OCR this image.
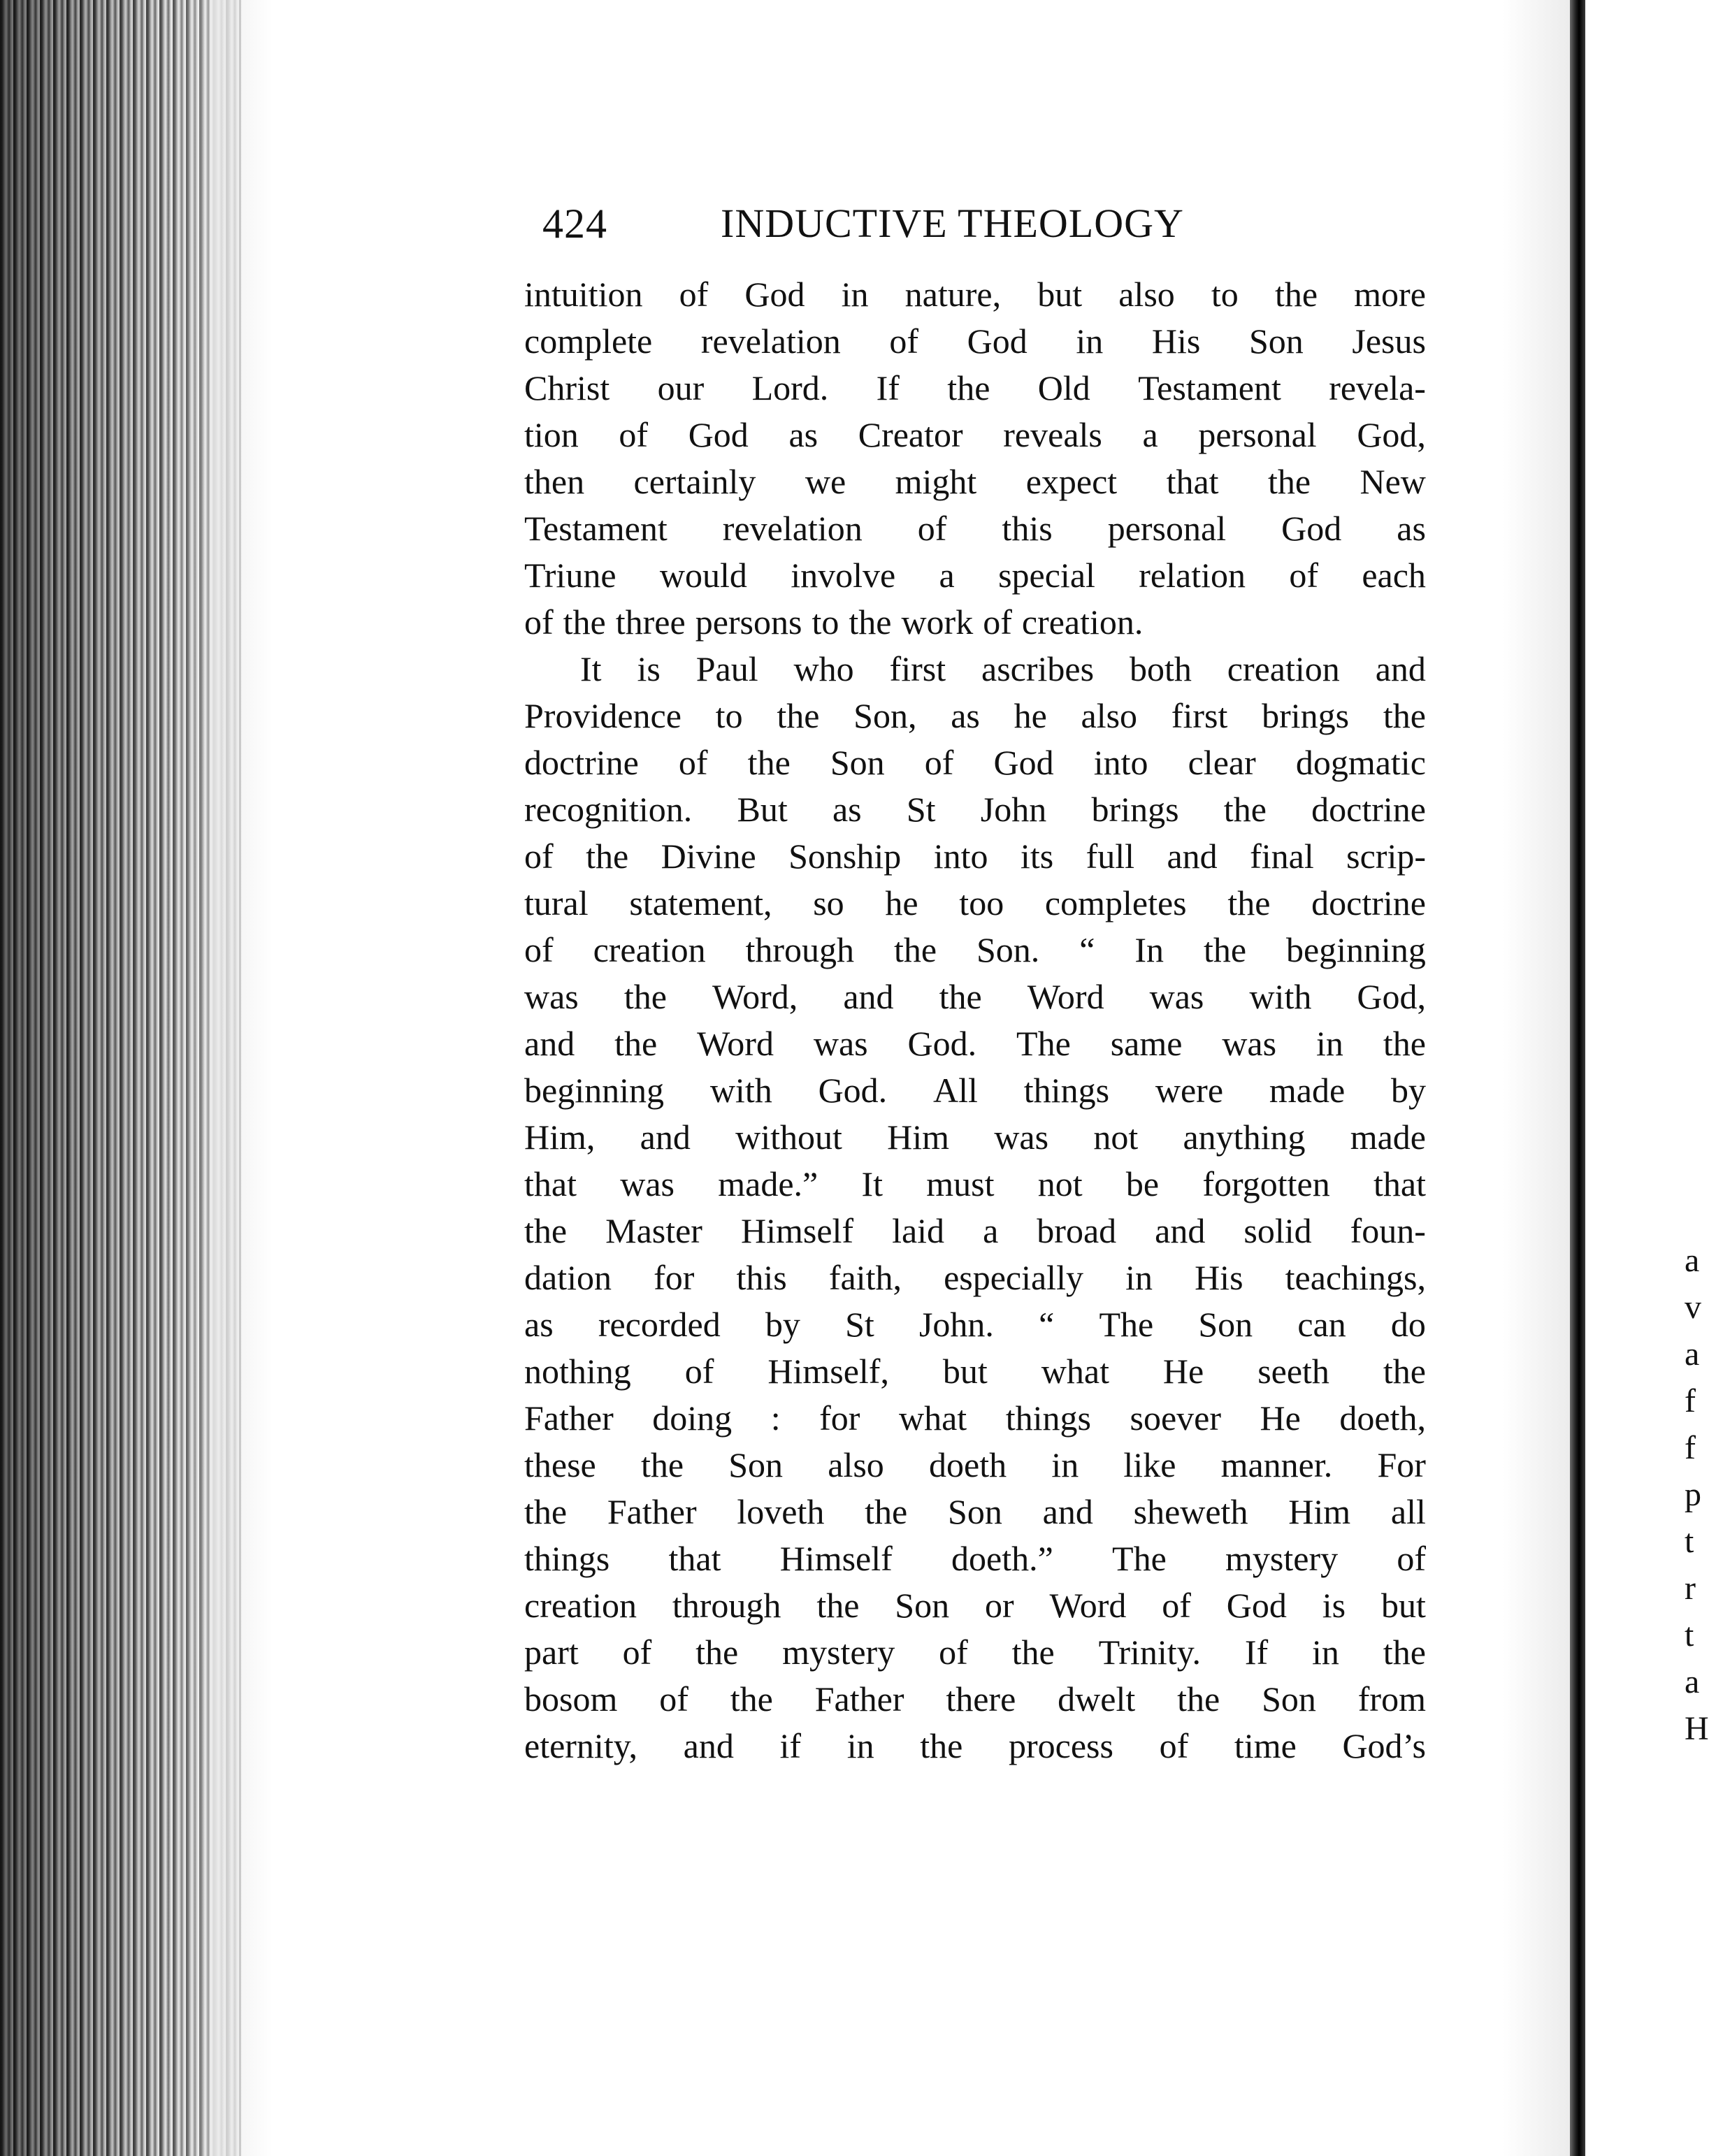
a
v
a
f
f
p
t
r
t
a
H
424	INDUCTIVE THEOLOGY
intuition of God in nature, but also to the more
complete revelation of God in His Son Jesus
Christ our Lord. If the Old Testament revela-
tion of God as Creator reveals a personal God,
then certainly we might expect that the New
Testament revelation of this personal God as
Triune would involve a special relation of each
of the three persons to the work of creation.
It is Paul who first ascribes both creation and
Providence to the Son, as he also first brings the
doctrine of the Son of God into clear dogmatic
recognition. But as St John brings the doctrine
of the Divine Sonship into its full and final scrip-
tural statement, so he too completes the doctrine
of creation through the Son. “ In the beginning
was the Word, and the Word was with God,
and the Word was God. The same was in the
beginning with God. All things were made by
Him, and without Him was not anything made
that was made.” It must not be forgotten that
the Master Himself laid a broad and solid foun-
dation for this faith, especially in His teachings,
as recorded by St John. “ The Son can do
nothing of Himself, but what He seeth the
Father doing : for what things soever He doeth,
these the Son also doeth in like manner. For
the Father loveth the Son and sheweth Him all
things that Himself doeth.” The mystery of
creation through the Son or Word of God is but
part of the mystery of the Trinity. If in the
bosom of the Father there dwelt the Son from
eternity, and if in the process of time God’s
